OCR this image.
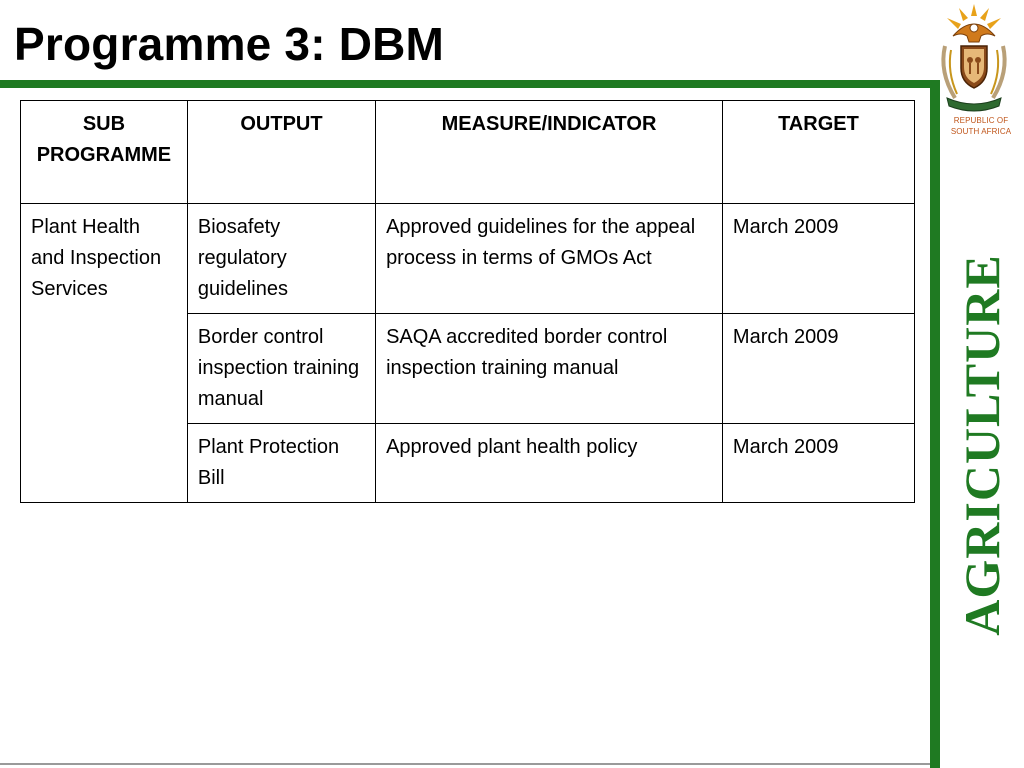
Programme 3: DBM
REPUBLIC OF
SOUTH AFRICA
AGRICULTURE
SUB PROGRAMME	OUTPUT	MEASURE/INDICATOR	TARGET
Plant Health and Inspection Services	Biosafety regulatory guidelines	Approved guidelines for the appeal process in terms of GMOs Act	March 2009
	Border control inspection training manual	SAQA accredited border control inspection training manual	March 2009
	Plant Protection Bill	Approved plant health policy	March 2009
